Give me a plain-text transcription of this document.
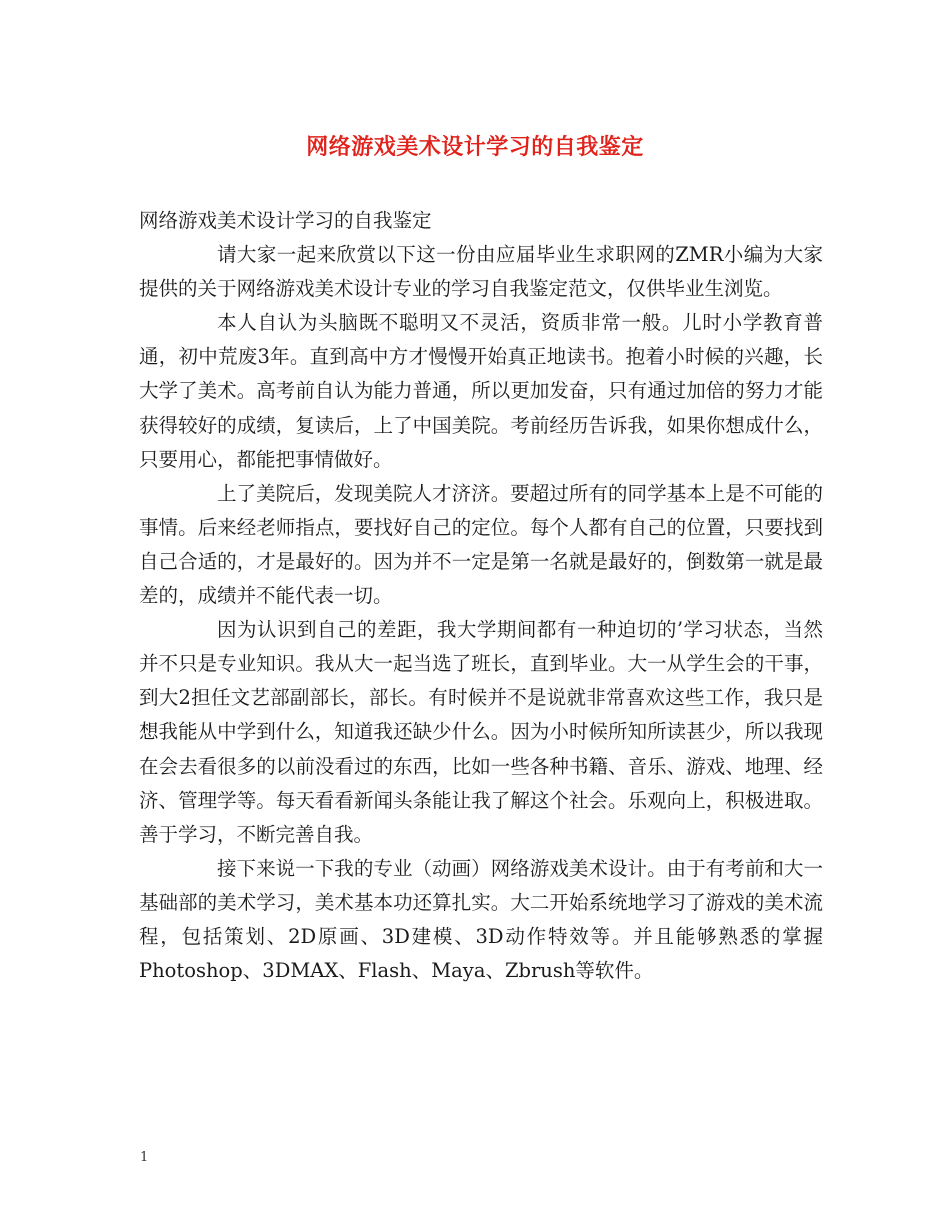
网络游戏美术设计学习的自我鉴定

网络游戏美术设计学习的自我鉴定

请大家一起来欣赏以下这一份由应届毕业生求职网的ZMR小编为大家提供的关于网络游戏美术设计专业的学习自我鉴定范文，仅供毕业生浏览。

本人自认为头脑既不聪明又不灵活，资质非常一般。儿时小学教育普通，初中荒废3年。直到高中方才慢慢开始真正地读书。抱着小时候的兴趣，长大学了美术。高考前自认为能力普通，所以更加发奋，只有通过加倍的努力才能获得较好的成绩，复读后，上了中国美院。考前经历告诉我，如果你想成什么，只要用心，都能把事情做好。

上了美院后，发现美院人才济济。要超过所有的同学基本上是不可能的事情。后来经老师指点，要找好自己的定位。每个人都有自己的位置，只要找到自己合适的，才是最好的。因为并不一定是第一名就是最好的，倒数第一就是最差的，成绩并不能代表一切。

因为认识到自己的差距，我大学期间都有一种迫切的’学习状态，当然并不只是专业知识。我从大一起当选了班长，直到毕业。大一从学生会的干事，到大2担任文艺部副部长，部长。有时候并不是说就非常喜欢这些工作，我只是想我能从中学到什么，知道我还缺少什么。因为小时候所知所读甚少，所以我现在会去看很多的以前没看过的东西，比如一些各种书籍、音乐、游戏、地理、经济、管理学等。每天看看新闻头条能让我了解这个社会。乐观向上，积极进取。善于学习，不断完善自我。

接下来说一下我的专业（动画）网络游戏美术设计。由于有考前和大一基础部的美术学习，美术基本功还算扎实。大二开始系统地学习了游戏的美术流程，包括策划、2D原画、3D建模、3D动作特效等。并且能够熟悉的掌握Photoshop、3DMAX、Flash、Maya、Zbrush等软件。

1
